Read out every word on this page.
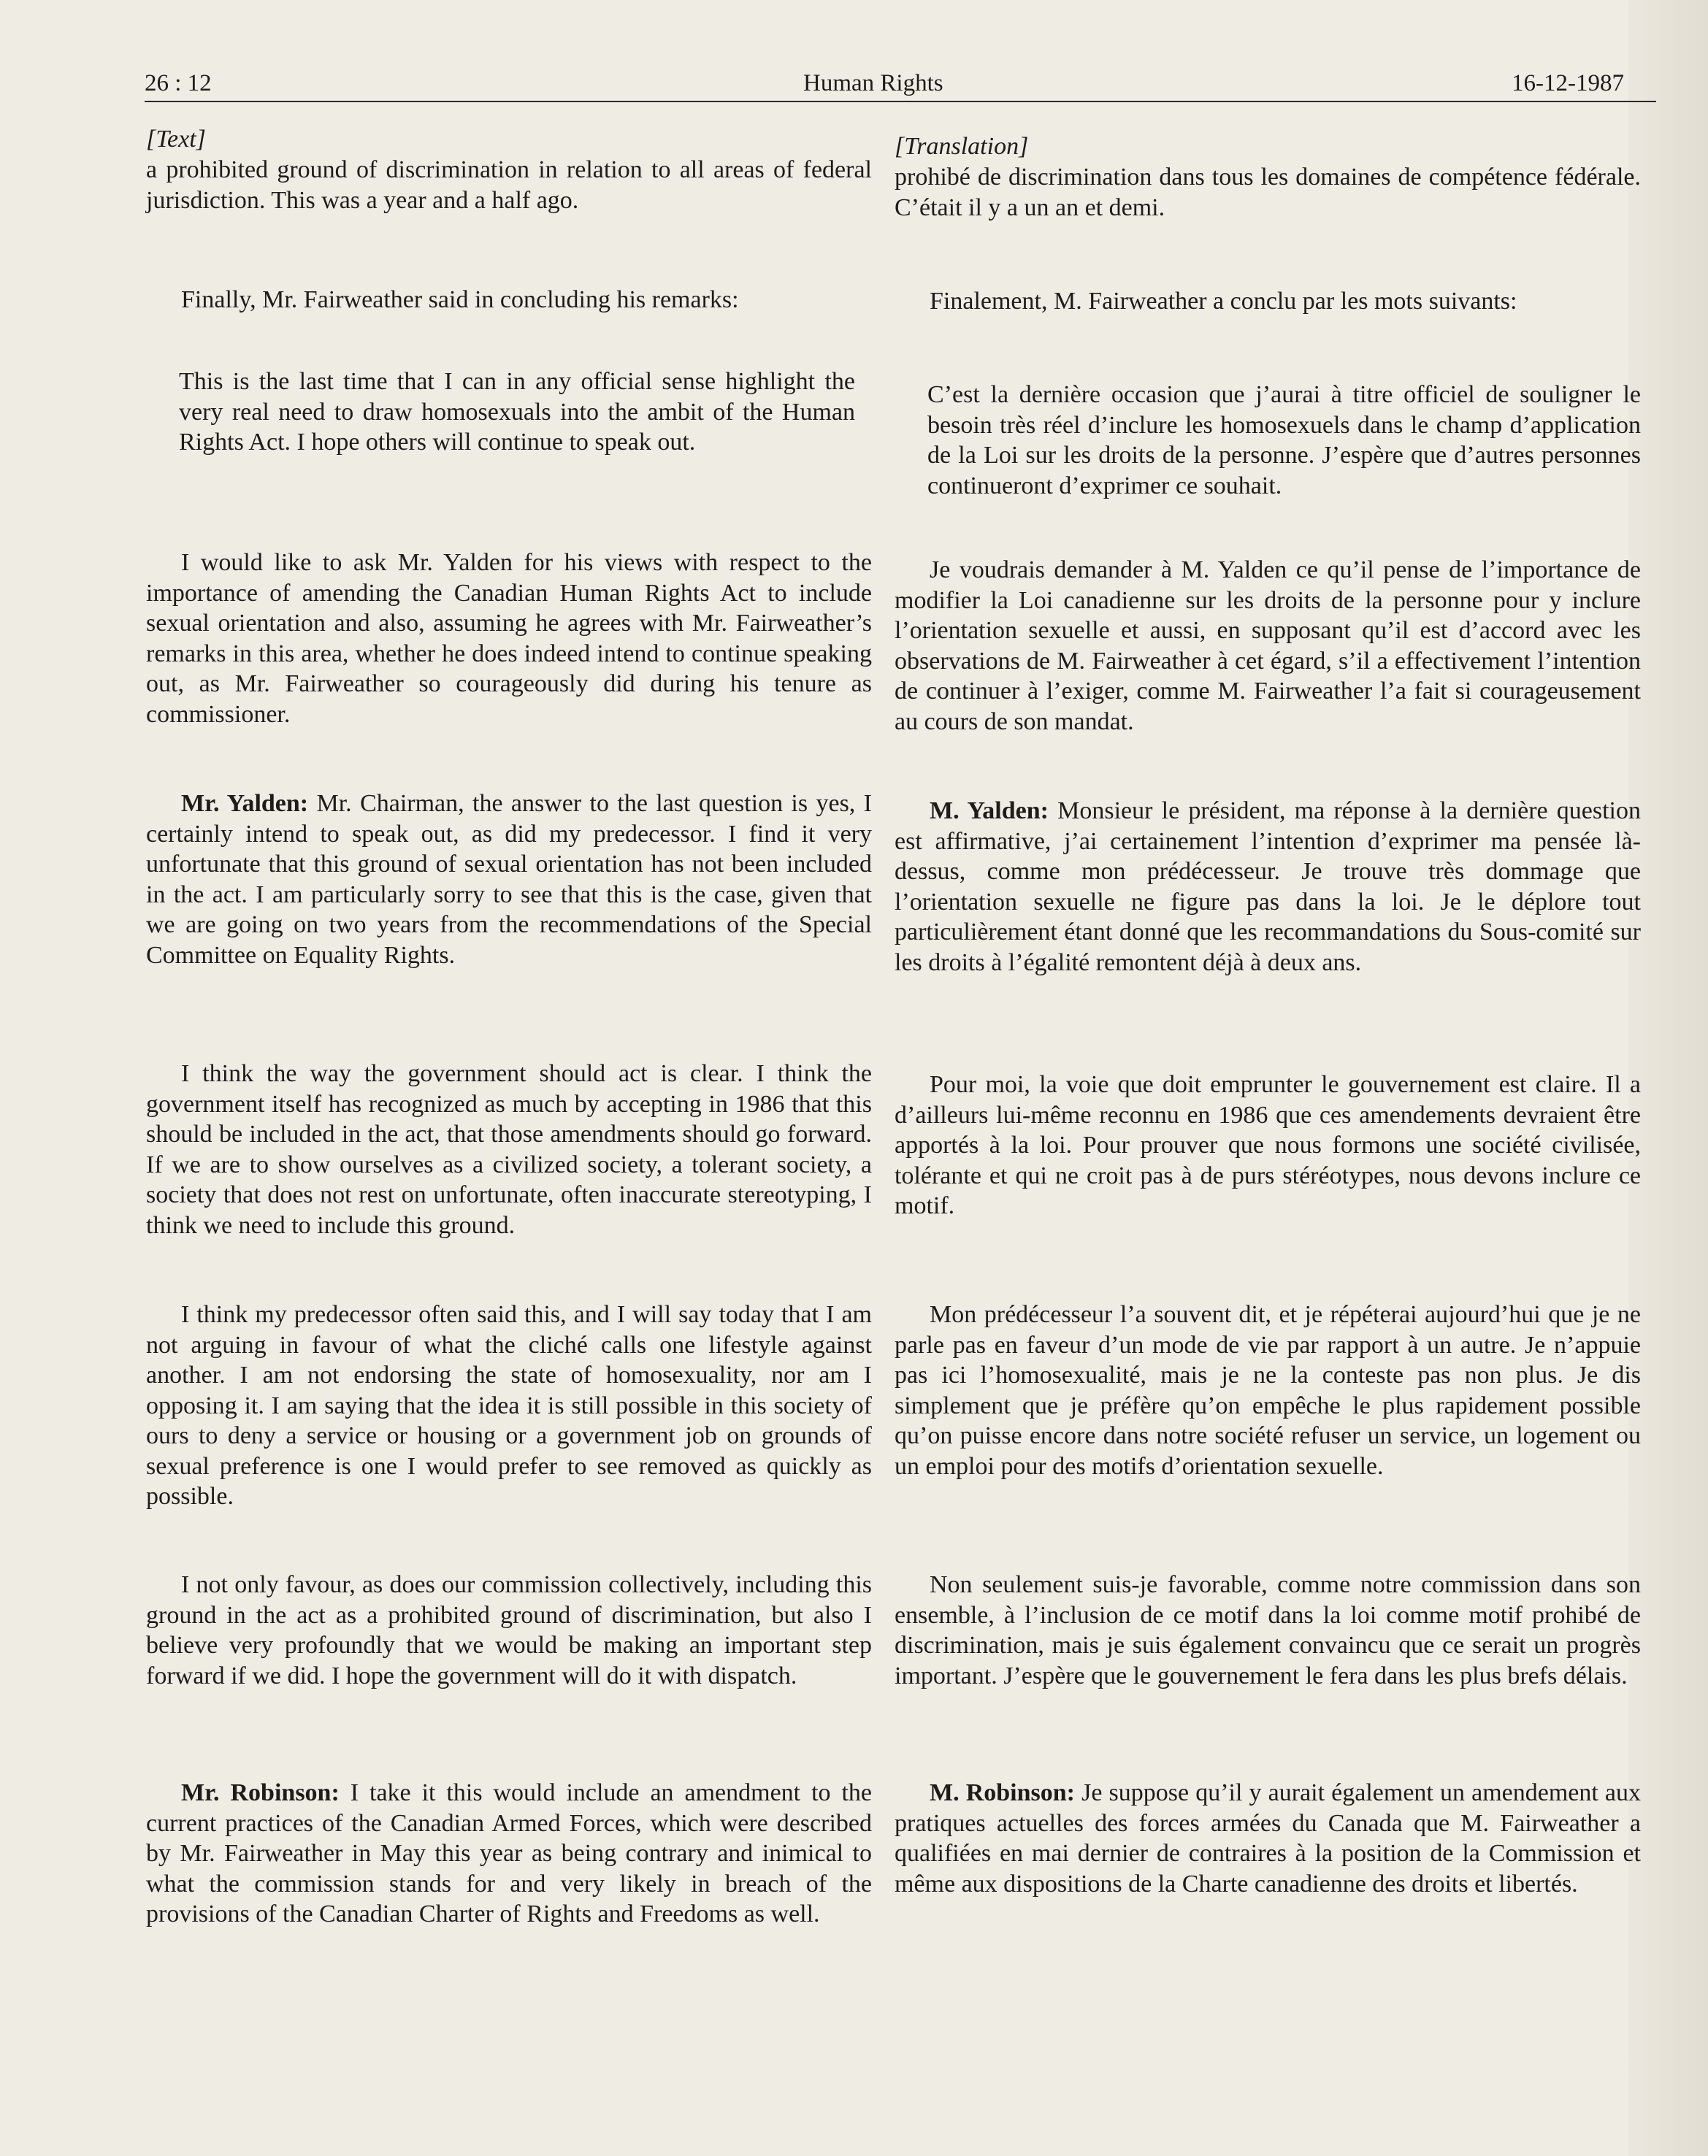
26 : 12	Human Rights	16-12-1987

[Text]

a prohibited ground of discrimination in relation to all areas of federal jurisdiction. This was a year and a half ago.

Finally, Mr. Fairweather said in concluding his remarks:

This is the last time that I can in any official sense highlight the very real need to draw homosexuals into the ambit of the Human Rights Act. I hope others will continue to speak out.

I would like to ask Mr. Yalden for his views with respect to the importance of amending the Canadian Human Rights Act to include sexual orientation and also, assuming he agrees with Mr. Fairweather’s remarks in this area, whether he does indeed intend to continue speaking out, as Mr. Fairweather so courageously did during his tenure as commissioner.

Mr. Yalden: Mr. Chairman, the answer to the last question is yes, I certainly intend to speak out, as did my predecessor. I find it very unfortunate that this ground of sexual orientation has not been included in the act. I am particularly sorry to see that this is the case, given that we are going on two years from the recommendations of the Special Committee on Equality Rights.

I think the way the government should act is clear. I think the government itself has recognized as much by accepting in 1986 that this should be included in the act, that those amendments should go forward. If we are to show ourselves as a civilized society, a tolerant society, a society that does not rest on unfortunate, often inaccurate stereotyping, I think we need to include this ground.

I think my predecessor often said this, and I will say today that I am not arguing in favour of what the cliché calls one lifestyle against another. I am not endorsing the state of homosexuality, nor am I opposing it. I am saying that the idea it is still possible in this society of ours to deny a service or housing or a government job on grounds of sexual preference is one I would prefer to see removed as quickly as possible.

I not only favour, as does our commission collectively, including this ground in the act as a prohibited ground of discrimination, but also I believe very profoundly that we would be making an important step forward if we did. I hope the government will do it with dispatch.

Mr. Robinson: I take it this would include an amendment to the current practices of the Canadian Armed Forces, which were described by Mr. Fairweather in May this year as being contrary and inimical to what the commission stands for and very likely in breach of the provisions of the Canadian Charter of Rights and Freedoms as well.

[Translation]

prohibé de discrimination dans tous les domaines de compétence fédérale. C’était il y a un an et demi.

Finalement, M. Fairweather a conclu par les mots suivants:

C’est la dernière occasion que j’aurai à titre officiel de souligner le besoin très réel d’inclure les homosexuels dans le champ d’application de la Loi sur les droits de la personne. J’espère que d’autres personnes continueront d’exprimer ce souhait.

Je voudrais demander à M. Yalden ce qu’il pense de l’importance de modifier la Loi canadienne sur les droits de la personne pour y inclure l’orientation sexuelle et aussi, en supposant qu’il est d’accord avec les observations de M. Fairweather à cet égard, s’il a effectivement l’intention de continuer à l’exiger, comme M. Fairweather l’a fait si courageusement au cours de son mandat.

M. Yalden: Monsieur le président, ma réponse à la dernière question est affirmative, j’ai certainement l’intention d’exprimer ma pensée là-dessus, comme mon prédécesseur. Je trouve très dommage que l’orientation sexuelle ne figure pas dans la loi. Je le déplore tout particulièrement étant donné que les recommandations du Sous-comité sur les droits à l’égalité remontent déjà à deux ans.

Pour moi, la voie que doit emprunter le gouvernement est claire. Il a d’ailleurs lui-même reconnu en 1986 que ces amendements devraient être apportés à la loi. Pour prouver que nous formons une société civilisée, tolérante et qui ne croit pas à de purs stéréotypes, nous devons inclure ce motif.

Mon prédécesseur l’a souvent dit, et je répéterai aujourd’hui que je ne parle pas en faveur d’un mode de vie par rapport à un autre. Je n’appuie pas ici l’homosexualité, mais je ne la conteste pas non plus. Je dis simplement que je préfère qu’on empêche le plus rapidement possible qu’on puisse encore dans notre société refuser un service, un logement ou un emploi pour des motifs d’orientation sexuelle.

Non seulement suis-je favorable, comme notre commission dans son ensemble, à l’inclusion de ce motif dans la loi comme motif prohibé de discrimination, mais je suis également convaincu que ce serait un progrès important. J’espère que le gouvernement le fera dans les plus brefs délais.

M. Robinson: Je suppose qu’il y aurait également un amendement aux pratiques actuelles des forces armées du Canada que M. Fairweather a qualifiées en mai dernier de contraires à la position de la Commission et même aux dispositions de la Charte canadienne des droits et libertés.
